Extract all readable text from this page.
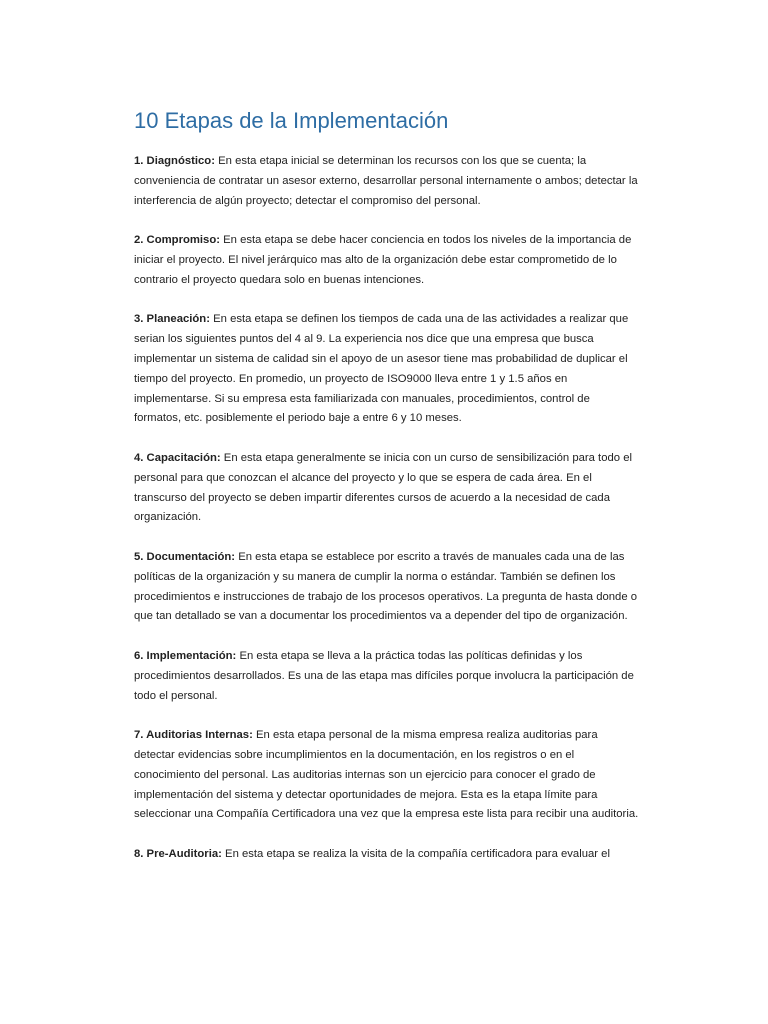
10 Etapas de la Implementación

1. Diagnóstico: En esta etapa inicial se determinan los recursos con los que se cuenta; la conveniencia de contratar un asesor externo, desarrollar personal internamente o ambos; detectar la interferencia de algún proyecto; detectar el compromiso del personal.

2. Compromiso: En esta etapa se debe hacer conciencia en todos los niveles de la importancia de iniciar el proyecto. El nivel jerárquico mas alto de la organización debe estar comprometido de lo contrario el proyecto quedara solo en buenas intenciones.

3. Planeación: En esta etapa se definen los tiempos de cada una de las actividades a realizar que serian los siguientes puntos del 4 al 9. La experiencia nos dice que una empresa que busca implementar un sistema de calidad sin el apoyo de un asesor tiene mas probabilidad de duplicar el tiempo del proyecto. En promedio, un proyecto de ISO9000 lleva entre 1 y 1.5 años en implementarse. Si su empresa esta familiarizada con manuales, procedimientos, control de formatos, etc. posiblemente el periodo baje a entre 6 y 10 meses.

4. Capacitación: En esta etapa generalmente se inicia con un curso de sensibilización para todo el personal para que conozcan el alcance del proyecto y lo que se espera de cada área. En el transcurso del proyecto se deben impartir diferentes cursos de acuerdo a la necesidad de cada organización.

5. Documentación: En esta etapa se establece por escrito a través de manuales cada una de las políticas de la organización y su manera de cumplir la norma o estándar. También se definen los procedimientos e instrucciones de trabajo de los procesos operativos. La pregunta de hasta donde o que tan detallado se van a documentar los procedimientos va a depender del tipo de organización.

6. Implementación: En esta etapa se lleva a la práctica todas las políticas definidas y los procedimientos desarrollados. Es una de las etapa mas difíciles porque involucra la participación de todo el personal.

7. Auditorias Internas: En esta etapa personal de la misma empresa realiza auditorias para detectar evidencias sobre incumplimientos en la documentación, en los registros o en el conocimiento del personal. Las auditorias internas son un ejercicio para conocer el grado de implementación del sistema y detectar oportunidades de mejora. Esta es la etapa límite para seleccionar una Compañía Certificadora una vez que la empresa este lista para recibir una auditoria.

8. Pre-Auditoria: En esta etapa se realiza la visita de la compañía certificadora para evaluar el
